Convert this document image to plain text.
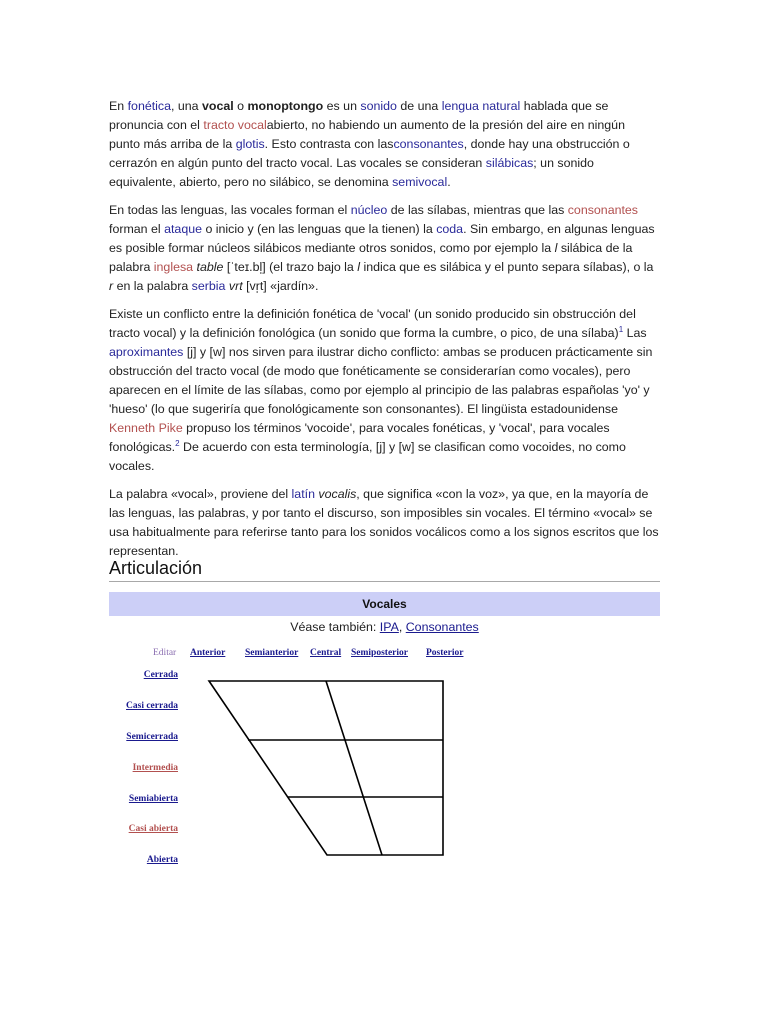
En fonética, una vocal o monoptongo es un sonido de una lengua natural hablada que se pronuncia con el tracto vocalabierto, no habiendo un aumento de la presión del aire en ningún punto más arriba de la glotis. Esto contrasta con lasconsonantes, donde hay una obstrucción o cerrazón en algún punto del tracto vocal. Las vocales se consideran silábicas; un sonido equivalente, abierto, pero no silábico, se denomina semivocal.

En todas las lenguas, las vocales forman el núcleo de las sílabas, mientras que las consonantes forman el ataque o inicio y (en las lenguas que la tienen) la coda. Sin embargo, en algunas lenguas es posible formar núcleos silábicos mediante otros sonidos, como por ejemplo la l silábica de la palabra inglesa table [ˈteɪ.bl̩] (el trazo bajo la l indica que es silábica y el punto separa sílabas), o la r en la palabra serbia vrt [vr̩t] «jardín».

Existe un conflicto entre la definición fonética de 'vocal' (un sonido producido sin obstrucción del tracto vocal) y la definición fonológica (un sonido que forma la cumbre, o pico, de una sílaba)$^1$ Las aproximantes [j] y [w] nos sirven para ilustrar dicho conflicto: ambas se producen prácticamente sin obstrucción del tracto vocal (de modo que fonéticamente se considerarían como vocales), pero aparecen en el límite de las sílabas, como por ejemplo al principio de las palabras españolas 'yo' y 'hueso' (lo que sugeriría que fonológicamente son consonantes). El lingüista estadounidense Kenneth Pike propuso los términos 'vocoide', para vocales fonéticas, y 'vocal', para vocales fonológicas.$^2$ De acuerdo con esta terminología, [j] y [w] se clasifican como vocoides, no como vocales.

La palabra «vocal», proviene del latín vocalis, que significa «con la voz», ya que, en la mayoría de las lenguas, las palabras, y por tanto el discurso, son imposibles sin vocales. El término «vocal» se usa habitualmente para referirse tanto para los sonidos vocálicos como a los signos escritos que los representan.

Articulación
Vocales
Véase también: IPA, Consonantes
Editar Anterior Semianterior Central Semiposterior Posterior
Cerrada
Casi cerrada
Semicerrada
Intermedia
Semiabierta
Casi abierta
Abierta
